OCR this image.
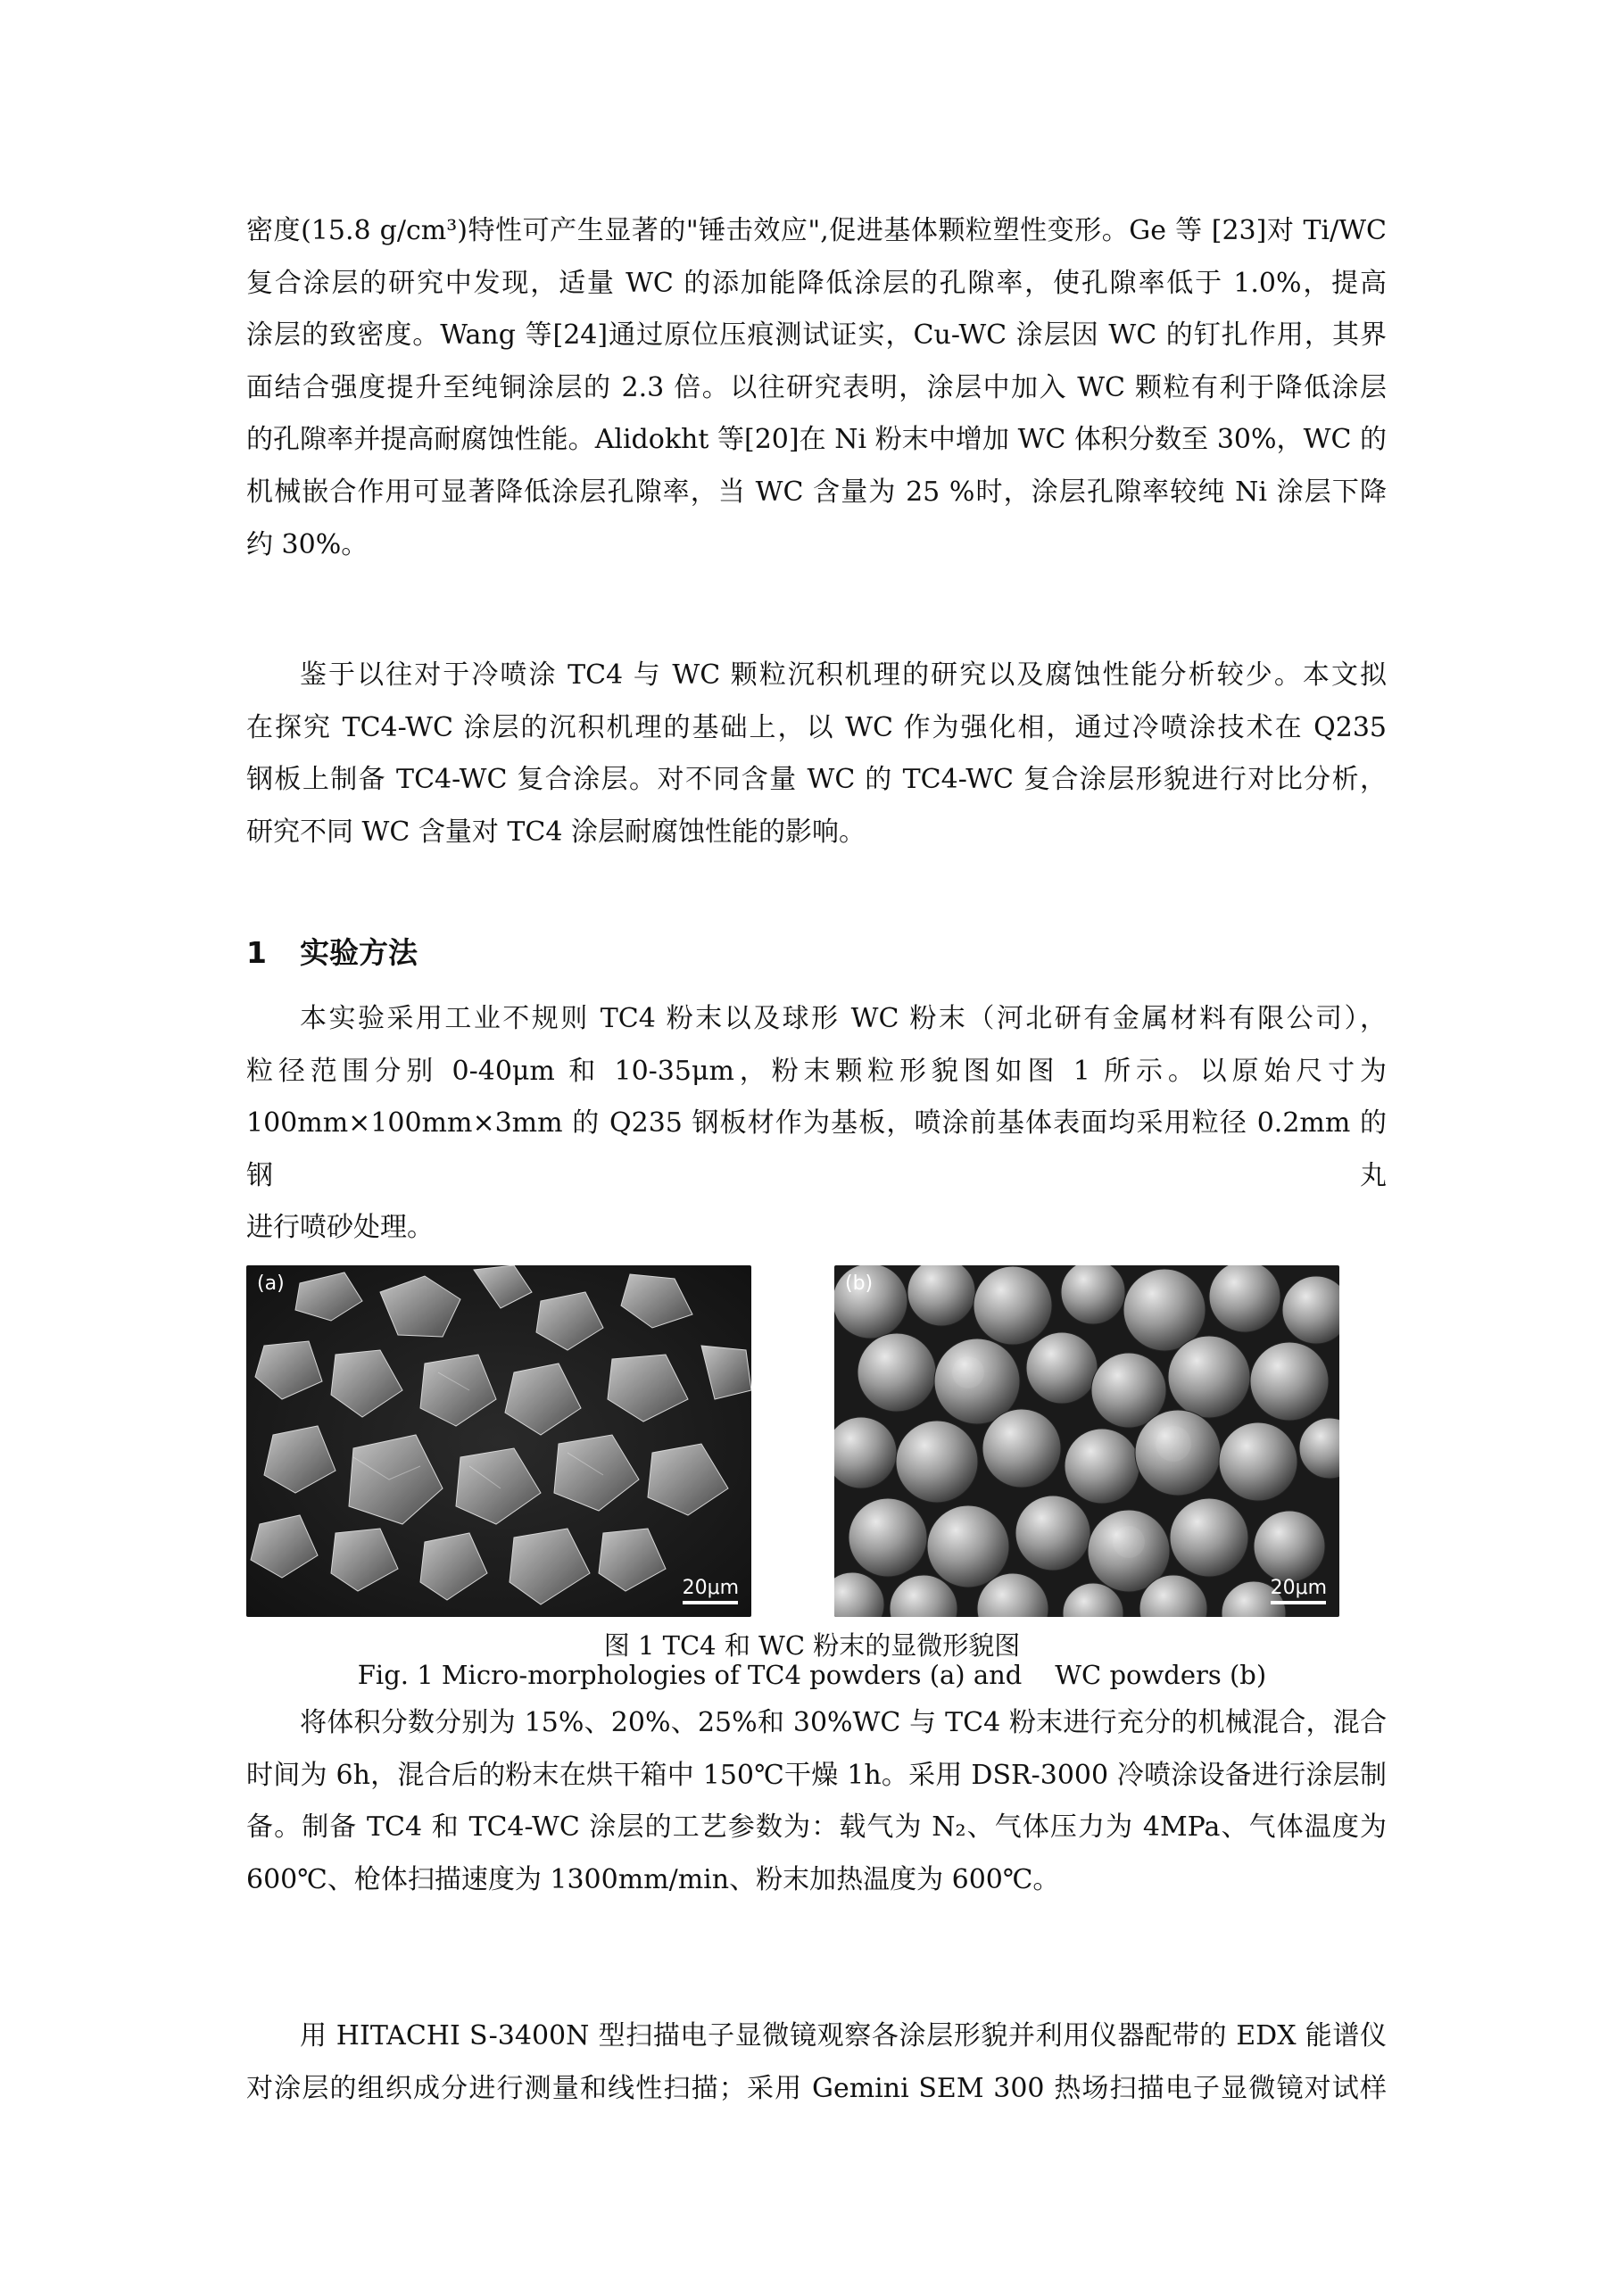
密度(15.8 g/cm³)特性可产生显著的"锤击效应",促进基体颗粒塑性变形。Ge 等 [23]对 Ti/WC
复合涂层的研究中发现，适量 WC 的添加能降低涂层的孔隙率，使孔隙率低于 1.0%，提高
涂层的致密度。Wang 等[24]通过原位压痕测试证实，Cu-WC 涂层因 WC 的钉扎作用，其界
面结合强度提升至纯铜涂层的 2.3 倍。以往研究表明，涂层中加入 WC 颗粒有利于降低涂层
的孔隙率并提高耐腐蚀性能。Alidokht 等[20]在 Ni 粉末中增加 WC 体积分数至 30%，WC 的
机械嵌合作用可显著降低涂层孔隙率，当 WC 含量为 25 %时，涂层孔隙率较纯 Ni 涂层下降
约 30%。
鉴于以往对于冷喷涂 TC4 与 WC 颗粒沉积机理的研究以及腐蚀性能分析较少。本文拟
在探究 TC4-WC 涂层的沉积机理的基础上，以 WC 作为强化相，通过冷喷涂技术在 Q235
钢板上制备 TC4-WC 复合涂层。对不同含量 WC 的 TC4-WC 复合涂层形貌进行对比分析，
研究不同 WC 含量对 TC4 涂层耐腐蚀性能的影响。
1 实验方法
本实验采用工业不规则 TC4 粉末以及球形 WC 粉末（河北研有金属材料有限公司），
粒径范围分别 0-40μm 和 10-35μm，粉末颗粒形貌图如图 1 所示。以原始尺寸为
100mm×100mm×3mm 的 Q235 钢板材作为基板，喷涂前基体表面均采用粒径 0.2mm 的钢丸
进行喷砂处理。
(a)
20μm
(b)
20μm
图 1 TC4 和 WC 粉末的显微形貌图
Fig. 1 Micro-morphologies of TC4 powders (a) and    WC powders (b)
将体积分数分别为 15%、20%、25%和 30%WC 与 TC4 粉末进行充分的机械混合，混合
时间为 6h，混合后的粉末在烘干箱中 150℃干燥 1h。采用 DSR-3000 冷喷涂设备进行涂层制
备。制备 TC4 和 TC4-WC 涂层的工艺参数为：载气为 N₂、气体压力为 4MPa、气体温度为
600℃、枪体扫描速度为 1300mm/min、粉末加热温度为 600℃。
用 HITACHI S-3400N 型扫描电子显微镜观察各涂层形貌并利用仪器配带的 EDX 能谱仪
对涂层的组织成分进行测量和线性扫描；采用 Gemini SEM 300 热场扫描电子显微镜对试样
